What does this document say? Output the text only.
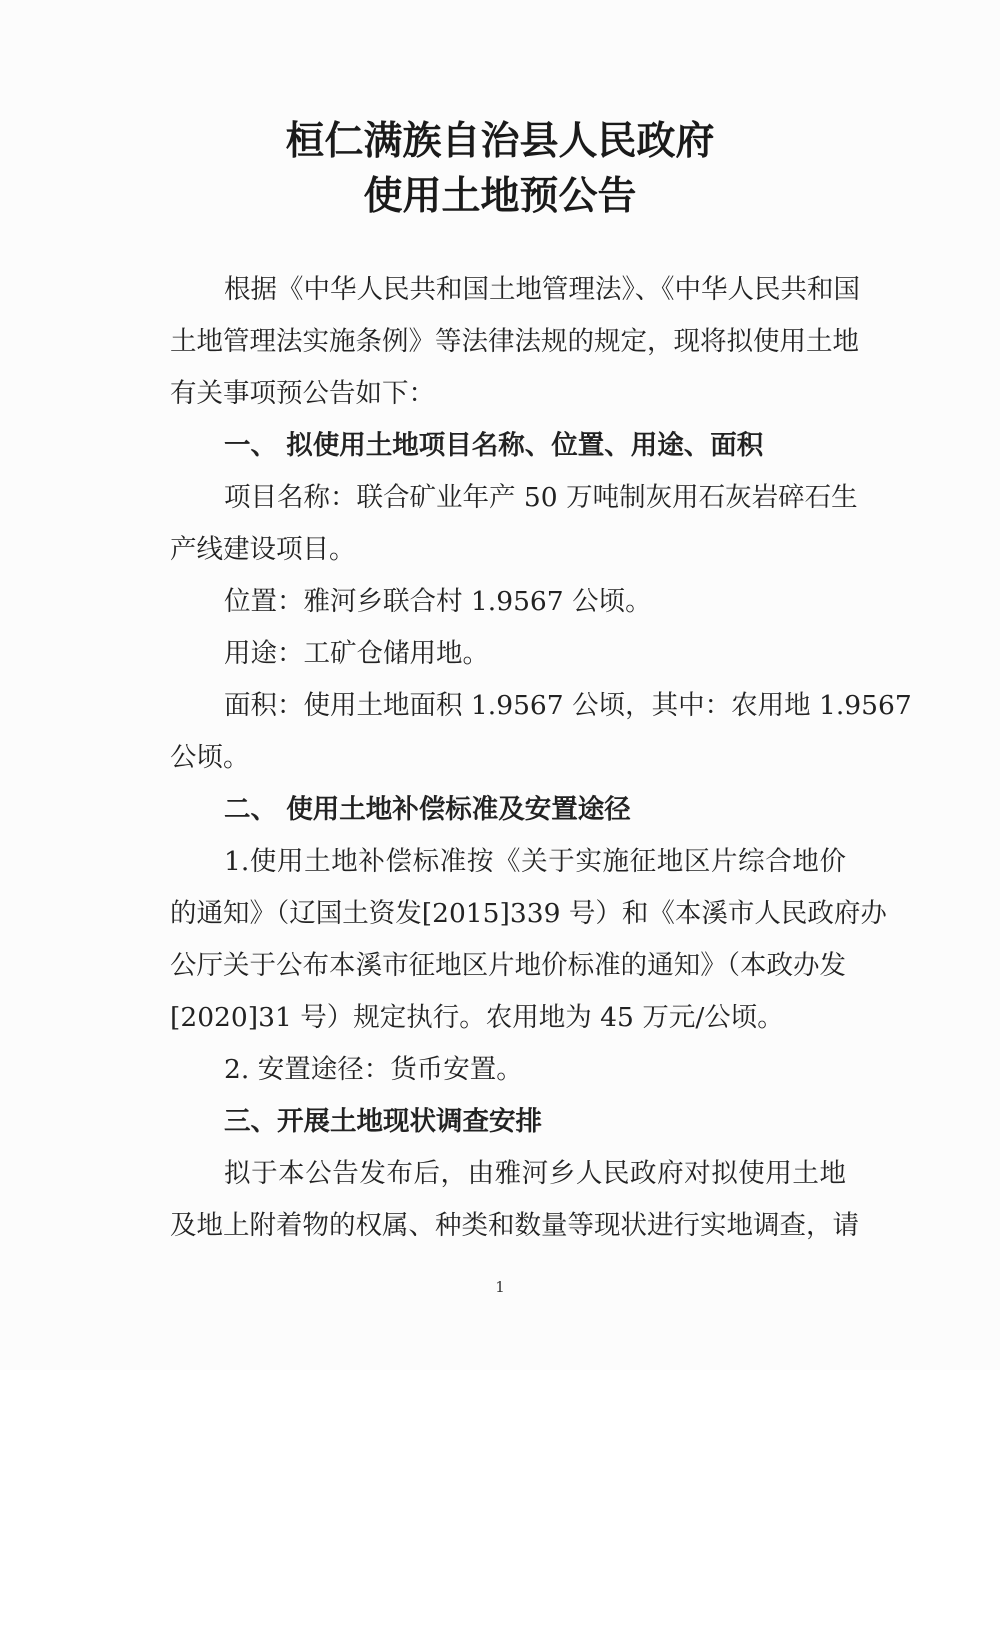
桓仁满族自治县人民政府
使用土地预公告
根据《中华人民共和国土地管理法》、《中华人民共和国
土地管理法实施条例》等法律法规的规定，现将拟使用土地
有关事项预公告如下：
一、 拟使用土地项目名称、位置、用途、面积
项目名称：联合矿业年产 50 万吨制灰用石灰岩碎石生
产线建设项目。
位置：雅河乡联合村 1.9567 公顷。
用途：工矿仓储用地。
面积：使用土地面积 1.9567 公顷，其中：农用地 1.9567
公顷。
二、 使用土地补偿标准及安置途径
1.使用土地补偿标准按《关于实施征地区片综合地价
的通知》（辽国土资发[2015]339 号）和《本溪市人民政府办
公厅关于公布本溪市征地区片地价标准的通知》（本政办发
[2020]31 号）规定执行。农用地为 45 万元/公顷。
2. 安置途径：货币安置。
三、开展土地现状调查安排
拟于本公告发布后，由雅河乡人民政府对拟使用土地
及地上附着物的权属、种类和数量等现状进行实地调查，请
1
